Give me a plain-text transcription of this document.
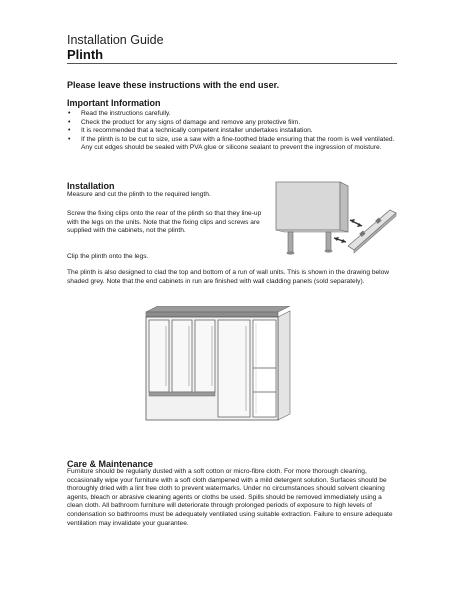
Installation Guide
Plinth
Please leave these instructions with the end user.
Important Information
• Read the instructions carefully.
• Check the product for any signs of damage and remove any protective film.
• It is recommended that a technically competent installer undertakes installation.
• If the plinth is to be cut to size, use a saw with a fine-toothed blade ensuring that the room is well ventilated. Any cut edges should be sealed with PVA glue or silicone sealant to prevent the ingression of moisture.
Installation
Measure and cut the plinth to the required length.
Screw the fixing clips onto the rear of the plinth so that they line-up with the legs on the units. Note that the fixing clips and screws are supplied with the cabinets, not the plinth.
Clip the plinth onto the legs.
The plinth is also designed to clad the top and bottom of a run of wall units. This is shown in the drawing below shaded grey. Note that the end cabinets in run are finished with wall cladding panels (sold separately).
Care & Maintenance
Furniture should be regularly dusted with a soft cotton or micro-fibre cloth. For more thorough cleaning, occasionally wipe your furniture with a soft cloth dampened with a mild detergent solution. Surfaces should be thoroughly dried with a lint free cloth to prevent watermarks. Under no circumstances should solvent cleaning agents, bleach or abrasive cleaning agents or cloths be used. Spills should be removed immediately using a clean cloth. All bathroom furniture will deteriorate through prolonged periods of exposure to high levels of condensation so bathrooms must be adequately ventilated using suitable extraction. Failure to ensure adequate ventilation may invalidate your guarantee.
